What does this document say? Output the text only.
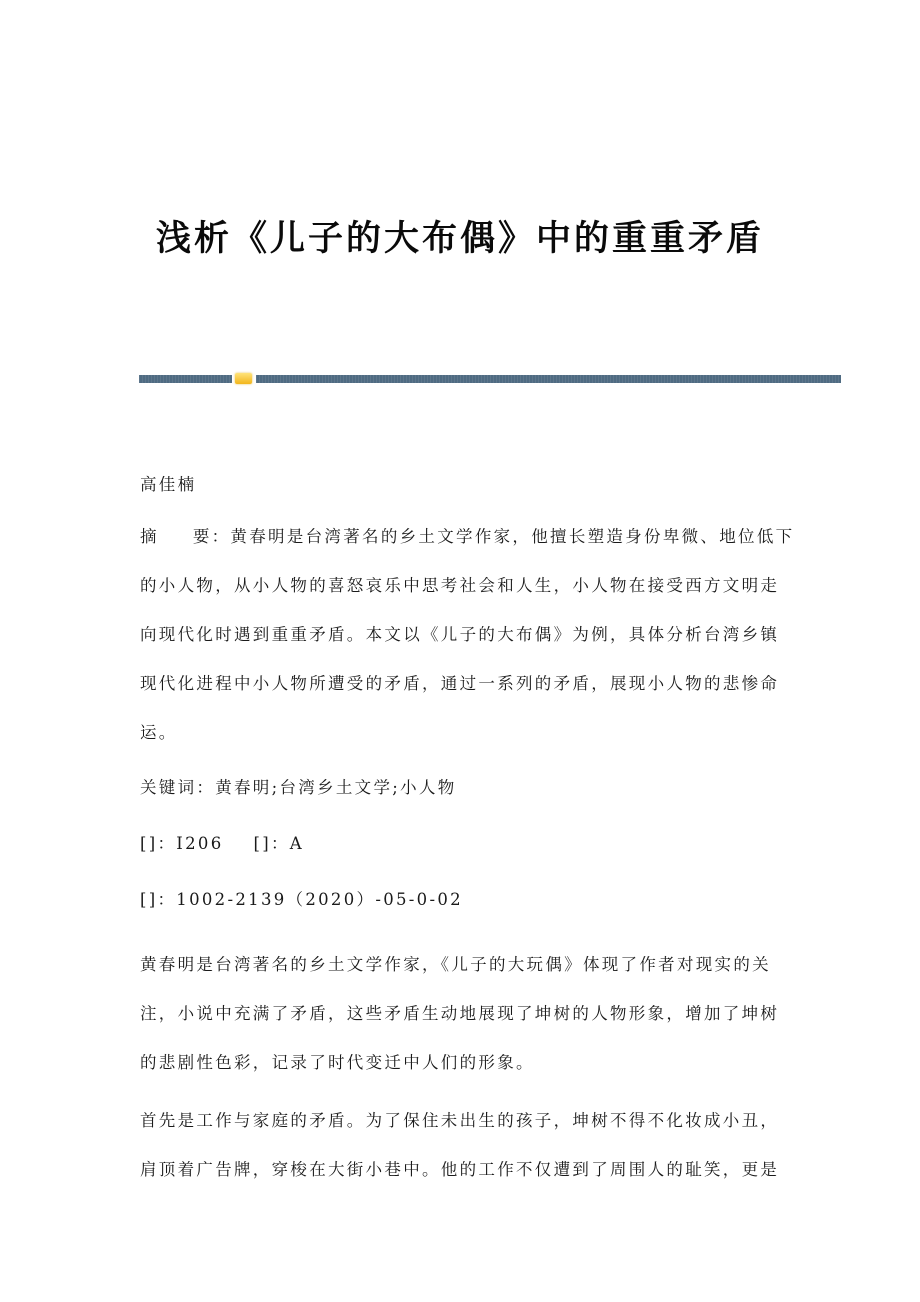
浅析《儿子的大布偶》中的重重矛盾
高佳楠
摘 要：黄春明是台湾著名的乡土文学作家，他擅长塑造身份卑微、地位低下
的小人物，从小人物的喜怒哀乐中思考社会和人生，小人物在接受西方文明走
向现代化时遇到重重矛盾。本文以《儿子的大布偶》为例，具体分析台湾乡镇
现代化进程中小人物所遭受的矛盾，通过一系列的矛盾，展现小人物的悲惨命
运。
关键词：黄春明;台湾乡土文学;小人物
[]：I206 []：A
[]：1002-2139（2020）-05-0-02
黄春明是台湾著名的乡土文学作家，《儿子的大玩偶》体现了作者对现实的关
注，小说中充满了矛盾，这些矛盾生动地展现了坤树的人物形象，增加了坤树
的悲剧性色彩，记录了时代变迁中人们的形象。
首先是工作与家庭的矛盾。为了保住未出生的孩子，坤树不得不化妆成小丑，
肩顶着广告牌，穿梭在大街小巷中。他的工作不仅遭到了周围人的耻笑，更是
